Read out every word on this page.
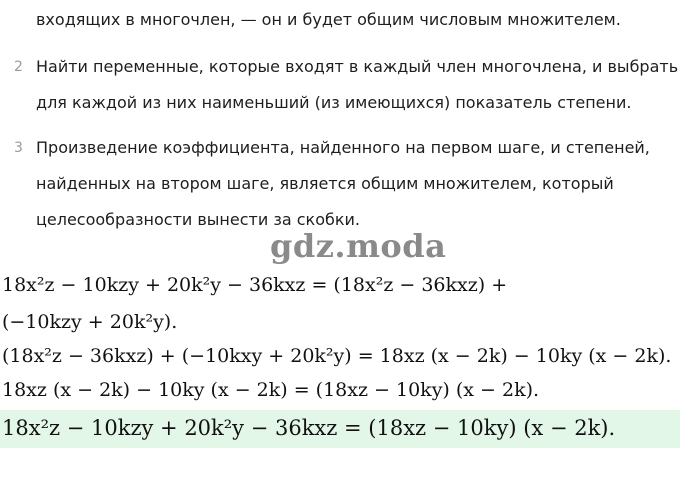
входящих в многочлен, — он и будет общим числовым множителем.

2 Найти переменные, которые входят в каждый член многочлена, и выбрать

для каждой из них наименьший (из имеющихся) показатель степени.

3 Произведение коэффициента, найденного на первом шаге, и степеней,

найденных на втором шаге, является общим множителем, который

целесообразности вынести за скобки.

gdz.moda

18x²z − 10kzy + 20k²y − 36kxz = (18x²z − 36kxz) +

(−10kzy + 20k²y).

(18x²z − 36kxz) + (−10kxy + 20k²y) = 18xz (x − 2k) − 10ky (x − 2k).

18xz (x − 2k) − 10ky (x − 2k) = (18xz − 10ky) (x − 2k).

18x²z − 10kzy + 20k²y − 36kxz = (18xz − 10ky) (x − 2k).
